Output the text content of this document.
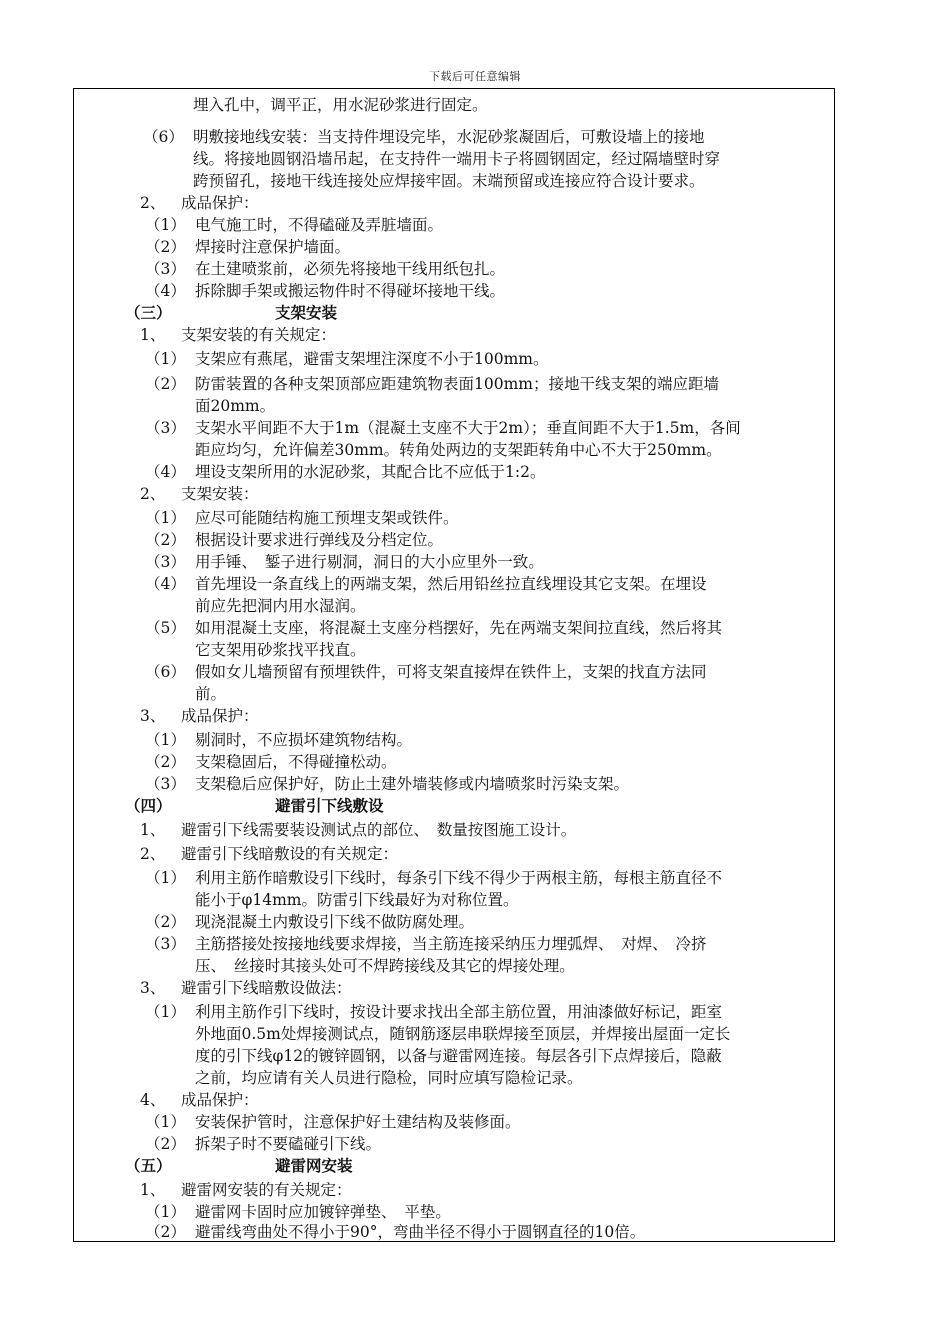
下载后可任意编辑
埋入孔中，调平正，用水泥砂浆进行固定。
（6） 明敷接地线安装：当支持件埋设完毕，水泥砂浆凝固后，可敷设墙上的接地
线。将接地圆钢沿墙吊起，在支持件一端用卡子将圆钢固定，经过隔墙壁时穿
跨预留孔，接地干线连接处应焊接牢固。末端预留或连接应符合设计要求。
2、 成品保护：
（1） 电气施工时，不得磕碰及弄脏墙面。
（2） 焊接时注意保护墙面。
（3） 在土建喷浆前，必须先将接地干线用纸包扎。
（4） 拆除脚手架或搬运物件时不得碰坏接地干线。
（三）	支架安装
1、 支架安装的有关规定：
（1） 支架应有燕尾，避雷支架埋注深度不小于100mm。
（2） 防雷装置的各种支架顶部应距建筑物表面100mm；接地干线支架的端应距墙
面20mm。
（3） 支架水平间距不大于1m（混凝土支座不大于2m）；垂直间距不大于1.5m，各间
距应均匀，允许偏差30mm。转角处两边的支架距转角中心不大于250mm。
（4） 埋设支架所用的水泥砂浆，其配合比不应低于1:2。
2、 支架安装：
（1） 应尽可能随结构施工预埋支架或铁件。
（2） 根据设计要求进行弹线及分档定位。
（3） 用手锤、　錾子进行剔洞，洞日的大小应里外一致。
（4） 首先埋设一条直线上的两端支架，然后用铅丝拉直线埋设其它支架。在埋设
前应先把洞内用水湿润。
（5） 如用混凝土支座，将混凝土支座分档摆好，先在两端支架间拉直线，然后将其
它支架用砂浆找平找直。
（6） 假如女儿墙预留有预埋铁件，可将支架直接焊在铁件上，支架的找直方法同
前。
3、 成品保护：
（1） 剔洞时，不应损坏建筑物结构。
（2） 支架稳固后，不得碰撞松动。
（3） 支架稳后应保护好，防止土建外墙装修或内墙喷浆时污染支架。
（四）	避雷引下线敷设
1、 避雷引下线需要装设测试点的部位、　数量按图施工设计。
2、 避雷引下线暗敷设的有关规定：
（1） 利用主筋作暗敷设引下线时，每条引下线不得少于两根主筋，每根主筋直径不
能小于φ14mm。防雷引下线最好为对称位置。
（2） 现浇混凝土内敷设引下线不做防腐处理。
（3） 主筋搭接处按接地线要求焊接，当主筋连接采纳压力埋弧焊、　对焊、　冷挤
压、　丝接时其接头处可不焊跨接线及其它的焊接处理。
3、 避雷引下线暗敷设做法：
（1） 利用主筋作引下线时，按设计要求找出全部主筋位置，用油漆做好标记，距室
外地面0.5m处焊接测试点，随钢筋逐层串联焊接至顶层，并焊接出屋面一定长
度的引下线φ12的镀锌圆钢，以备与避雷网连接。每层各引下点焊接后，隐蔽
之前，均应请有关人员进行隐检，同时应填写隐检记录。
4、 成品保护：
（1） 安装保护管时，注意保护好土建结构及装修面。
（2） 拆架子时不要磕碰引下线。
（五）	避雷网安装
1、 避雷网安装的有关规定：
（1） 避雷网卡固时应加镀锌弹垫、　平垫。
（2） 避雷线弯曲处不得小于90°，弯曲半径不得小于圆钢直径的10倍。
